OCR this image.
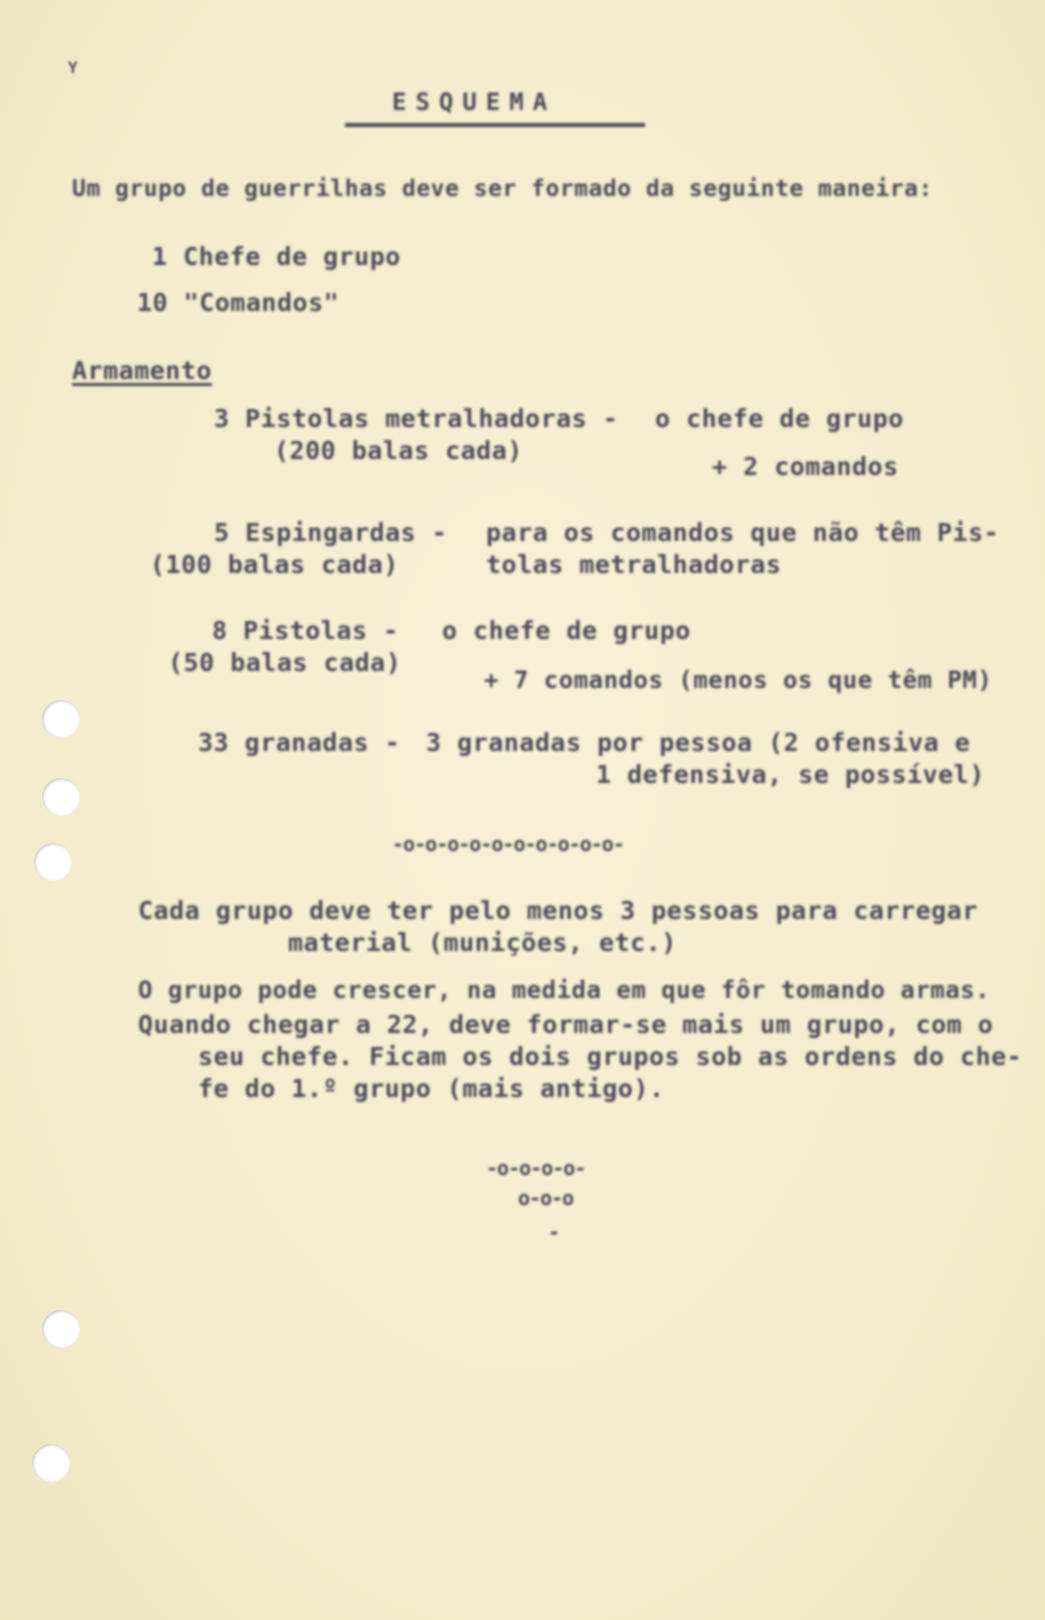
Y

ESQUEMA

Um grupo de guerrilhas deve ser formado da seguinte maneira:

1 Chefe de grupo

10 "Comandos"

Armamento

3 Pistolas metralhadoras -

(200 balas cada)

o chefe de grupo

+ 2 comandos

5 Espingardas -

(100 balas cada)

para os comandos que não têm Pis-

tolas metralhadoras

8 Pistolas -

(50 balas cada)

o chefe de grupo

+ 7 comandos (menos os que têm PM)

33 granadas - 3 granadas por pessoa (2 ofensiva e

1 defensiva, se possível)

-o-o-o-o-o-o-o-o-o-o-

Cada grupo deve ter pelo menos 3 pessoas para carregar

material (munições, etc.)

O grupo pode crescer, na medida em que fôr tomando armas.

Quando chegar a 22, deve formar-se mais um grupo, com o

seu chefe. Ficam os dois grupos sob as ordens do che-

fe do 1.º grupo (mais antigo).

-o-o-o-o-

o-o-o

-
